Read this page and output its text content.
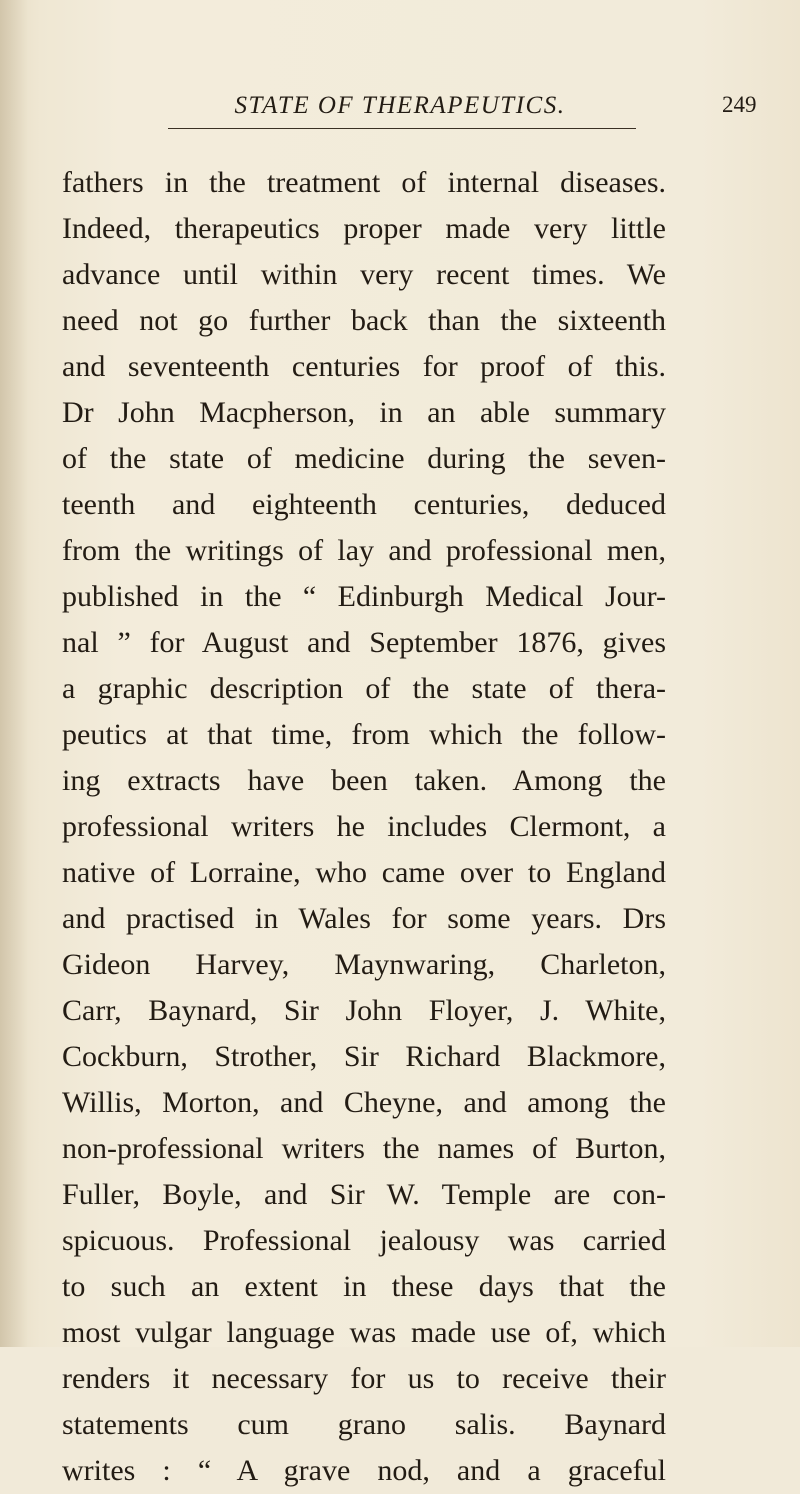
STATE OF THERAPEUTICS.	249
fathers in the treatment of internal diseases.
Indeed, therapeutics proper made very little
advance until within very recent times. We
need not go further back than the sixteenth
and seventeenth centuries for proof of this.
Dr John Macpherson, in an able summary
of the state of medicine during the seven-
teenth and eighteenth centuries, deduced
from the writings of lay and professional men,
published in the “ Edinburgh Medical Jour-
nal ” for August and September 1876, gives
a graphic description of the state of thera-
peutics at that time, from which the follow-
ing extracts have been taken. Among the
professional writers he includes Clermont, a
native of Lorraine, who came over to England
and practised in Wales for some years. Drs
Gideon Harvey, Maynwaring, Charleton,
Carr, Baynard, Sir John Floyer, J. White,
Cockburn, Strother, Sir Richard Blackmore,
Willis, Morton, and Cheyne, and among the
non-professional writers the names of Burton,
Fuller, Boyle, and Sir W. Temple are con-
spicuous. Professional jealousy was carried
to such an extent in these days that the
most vulgar language was made use of, which
renders it necessary for us to receive their
statements cum grano salis. Baynard
writes : “ A grave nod, and a graceful
